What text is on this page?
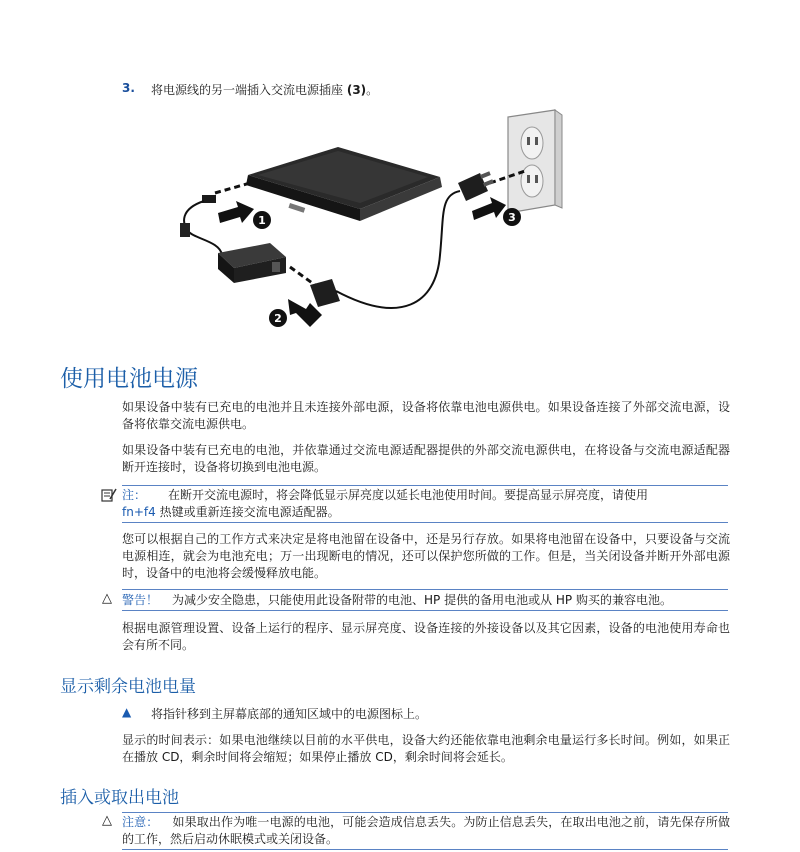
3. 将电源线的另一端插入交流电源插座 (3)。
3
1
2
使用电池电源
如果设备中装有已充电的电池并且未连接外部电源，设备将依靠电池电源供电。如果设备连接了外部交流电源，设备将依靠交流电源供电。
如果设备中装有已充电的电池，并依靠通过交流电源适配器提供的外部交流电源供电，在将设备与交流电源适配器断开连接时，设备将切换到电池电源。
注： 在断开交流电源时，将会降低显示屏亮度以延长电池使用时间。要提高显示屏亮度，请使用
fn+f4 热键或重新连接交流电源适配器。
您可以根据自己的工作方式来决定是将电池留在设备中，还是另行存放。如果将电池留在设备中，只要设备与交流电源相连，就会为电池充电；万一出现断电的情况，还可以保护您所做的工作。但是，当关闭设备并断开外部电源时，设备中的电池将会缓慢释放电能。
△ 警告！ 为减少安全隐患，只能使用此设备附带的电池、HP 提供的备用电池或从 HP 购买的兼容电池。
根据电源管理设置、设备上运行的程序、显示屏亮度、设备连接的外接设备以及其它因素，设备的电池使用寿命也会有所不同。
显示剩余电池电量
▲ 将指针移到主屏幕底部的通知区域中的电源图标上。
显示的时间表示：如果电池继续以目前的水平供电，设备大约还能依靠电池剩余电量运行多长时间。例如，如果正在播放 CD，剩余时间将会缩短；如果停止播放 CD，剩余时间将会延长。
插入或取出电池
△ 注意： 如果取出作为唯一电源的电池，可能会造成信息丢失。为防止信息丢失，在取出电池之前，请先保存所做的工作，然后启动休眠模式或关闭设备。
